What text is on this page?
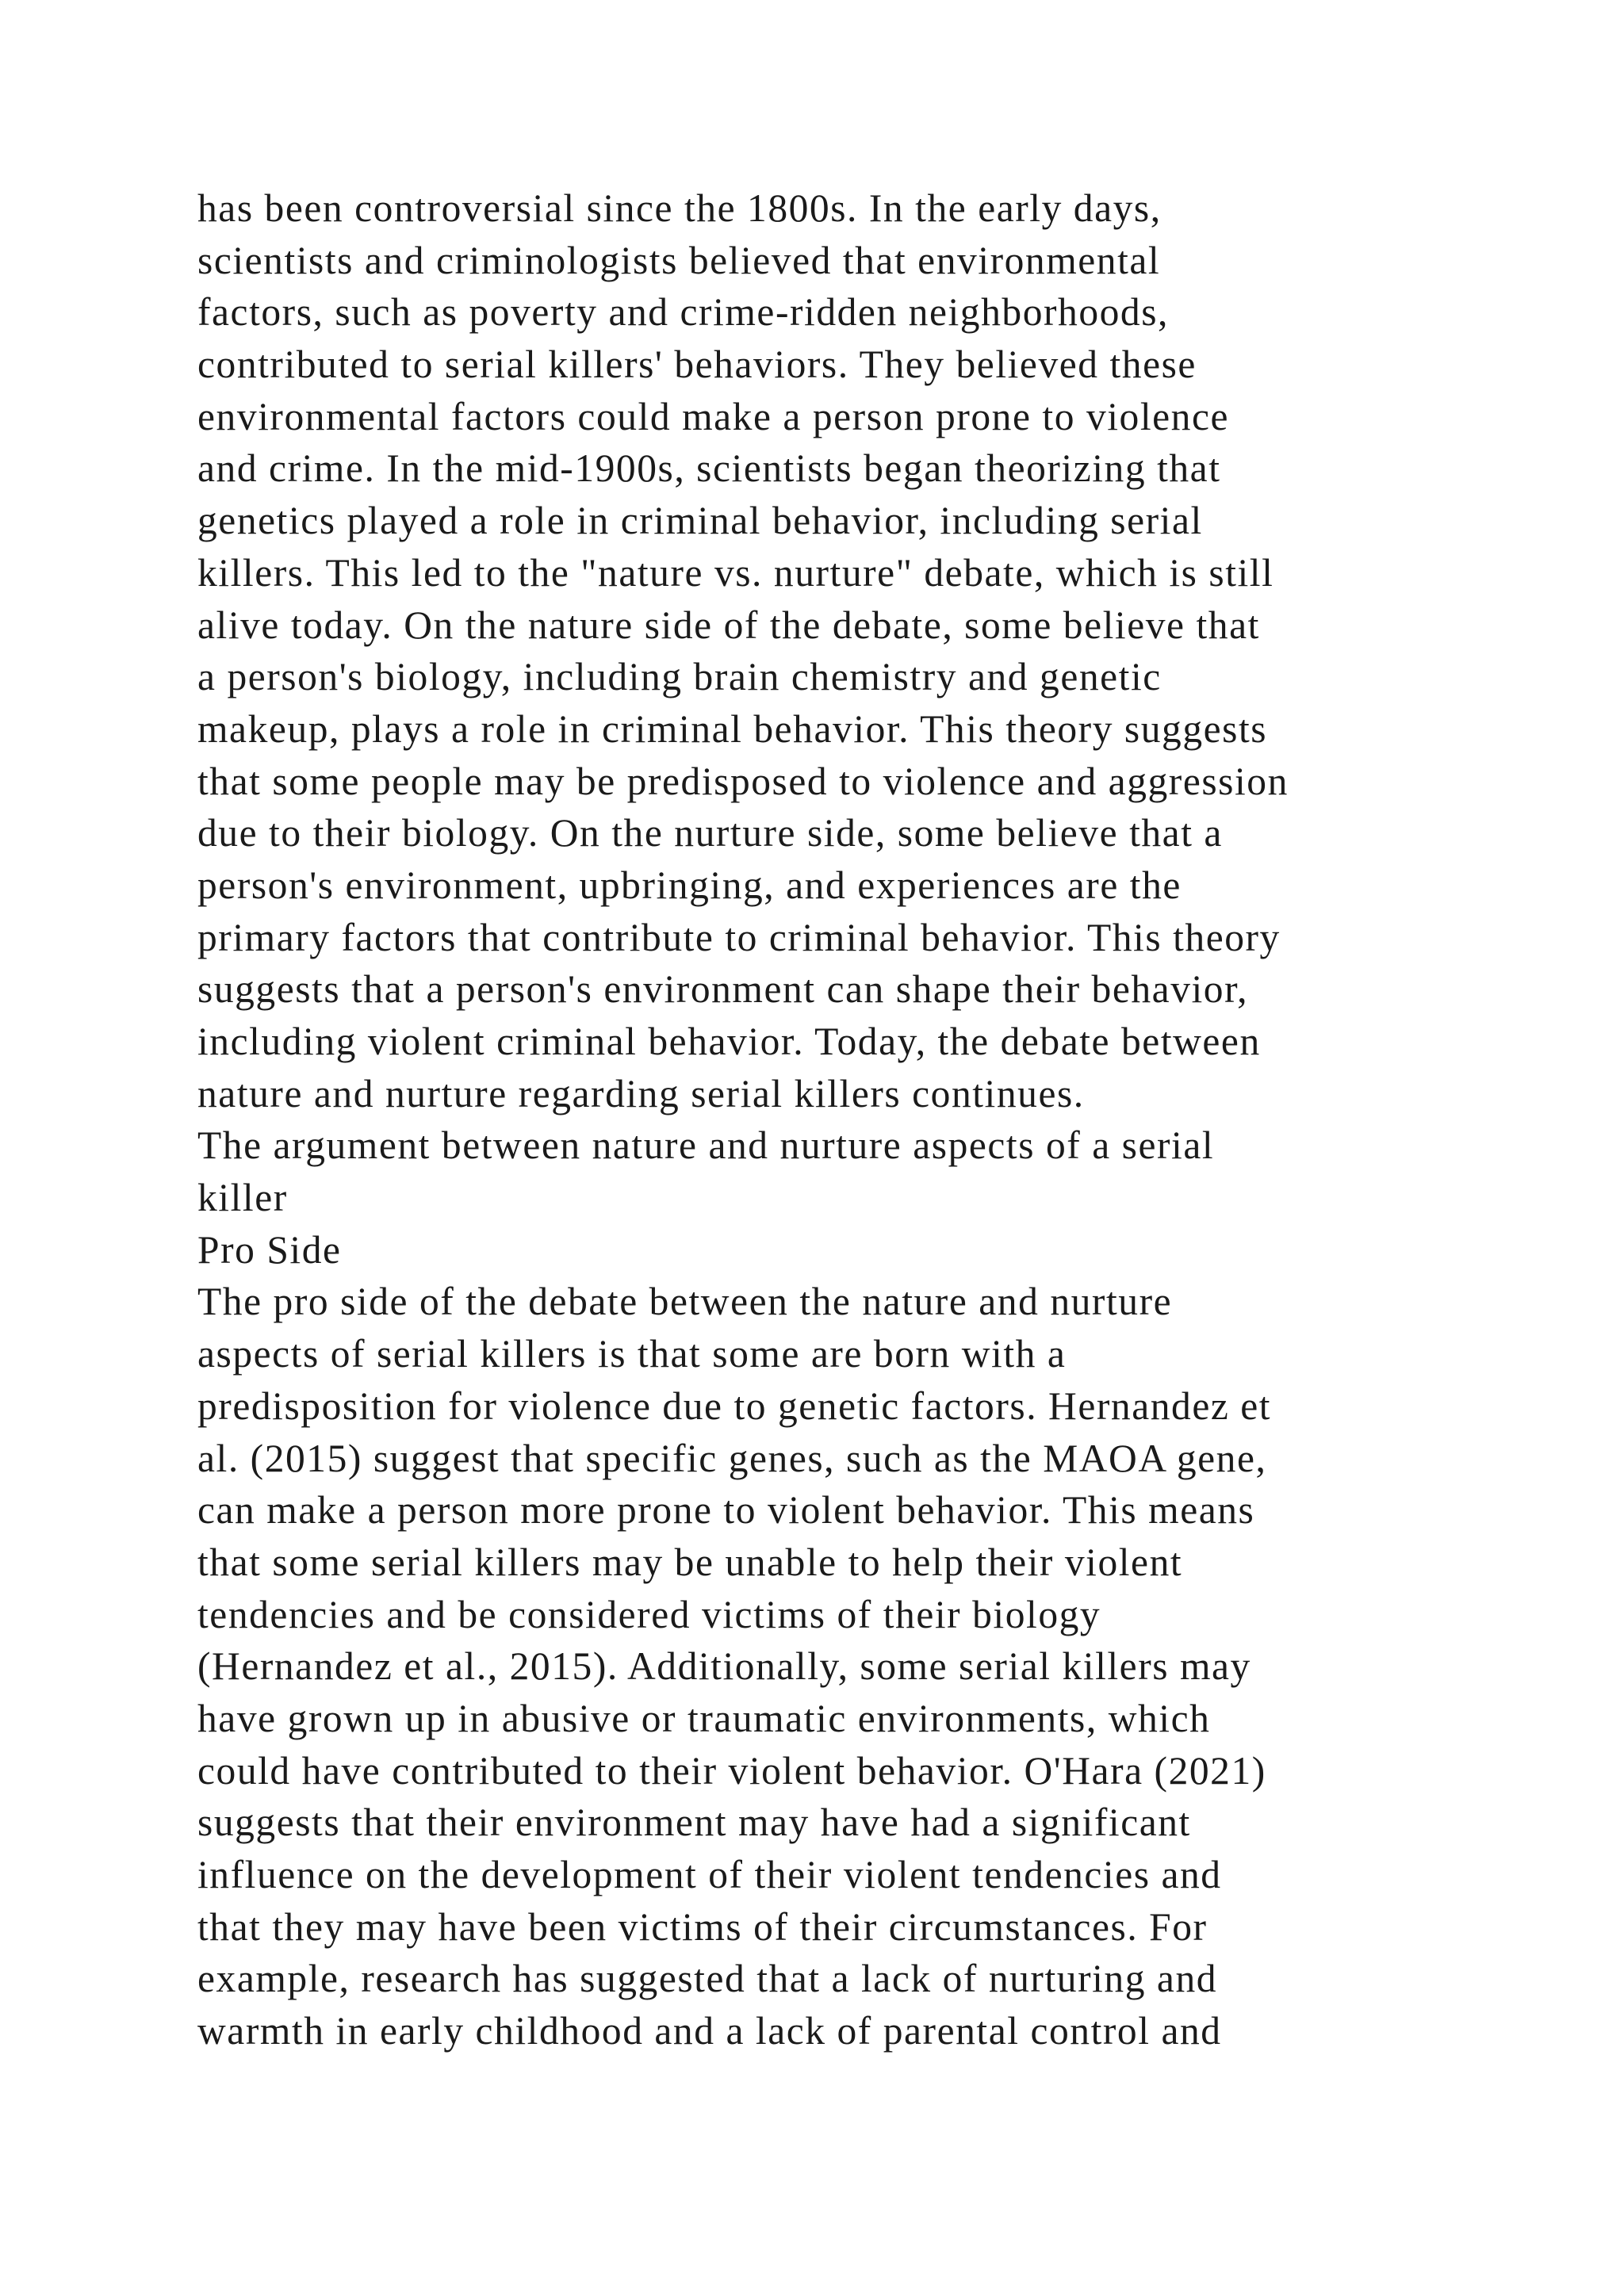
has been controversial since the 1800s. In the early days,
scientists and criminologists believed that environmental
factors, such as poverty and crime-ridden neighborhoods,
contributed to serial killers' behaviors. They believed these
environmental factors could make a person prone to violence
and crime. In the mid-1900s, scientists began theorizing that
genetics played a role in criminal behavior, including serial
killers. This led to the "nature vs. nurture" debate, which is still
alive today. On the nature side of the debate, some believe that
a person's biology, including brain chemistry and genetic
makeup, plays a role in criminal behavior. This theory suggests
that some people may be predisposed to violence and aggression
due to their biology. On the nurture side, some believe that a
person's environment, upbringing, and experiences are the
primary factors that contribute to criminal behavior. This theory
suggests that a person's environment can shape their behavior,
including violent criminal behavior. Today, the debate between
nature and nurture regarding serial killers continues.
The argument between nature and nurture aspects of a serial
killer
Pro Side
The pro side of the debate between the nature and nurture
aspects of serial killers is that some are born with a
predisposition for violence due to genetic factors. Hernandez et
al. (2015) suggest that specific genes, such as the MAOA gene,
can make a person more prone to violent behavior. This means
that some serial killers may be unable to help their violent
tendencies and be considered victims of their biology
(Hernandez et al., 2015). Additionally, some serial killers may
have grown up in abusive or traumatic environments, which
could have contributed to their violent behavior. O'Hara (2021)
suggests that their environment may have had a significant
influence on the development of their violent tendencies and
that they may have been victims of their circumstances. For
example, research has suggested that a lack of nurturing and
warmth in early childhood and a lack of parental control and
